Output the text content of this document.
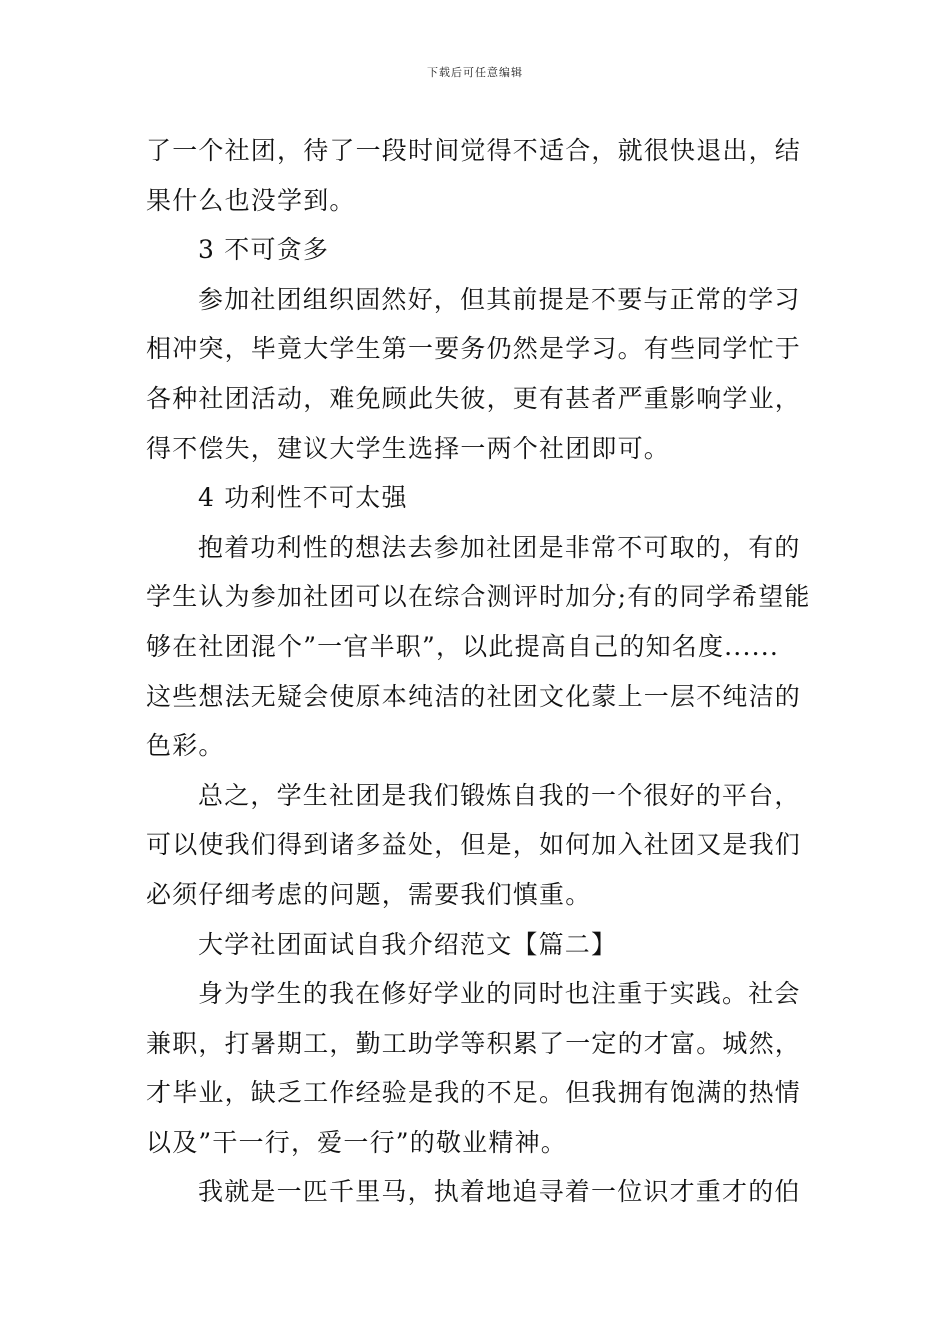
下载后可任意编辑

了一个社团，待了一段时间觉得不适合，就很快退出，结

果什么也没学到。

3 不可贪多

参加社团组织固然好，但其前提是不要与正常的学习

相冲突，毕竟大学生第一要务仍然是学习。有些同学忙于

各种社团活动，难免顾此失彼，更有甚者严重影响学业，

得不偿失，建议大学生选择一两个社团即可。

4 功利性不可太强

抱着功利性的想法去参加社团是非常不可取的，有的

学生认为参加社团可以在综合测评时加分;有的同学希望能

够在社团混个”一官半职”，以此提高自己的知名度......

这些想法无疑会使原本纯洁的社团文化蒙上一层不纯洁的

色彩。

总之，学生社团是我们锻炼自我的一个很好的平台，

可以使我们得到诸多益处，但是，如何加入社团又是我们

必须仔细考虑的问题，需要我们慎重。

大学社团面试自我介绍范文【篇二】

身为学生的我在修好学业的同时也注重于实践。社会

兼职，打暑期工，勤工助学等积累了一定的才富。城然，

才毕业，缺乏工作经验是我的不足。但我拥有饱满的热情

以及”干一行，爱一行”的敬业精神。

我就是一匹千里马，执着地追寻着一位识才重才的伯
